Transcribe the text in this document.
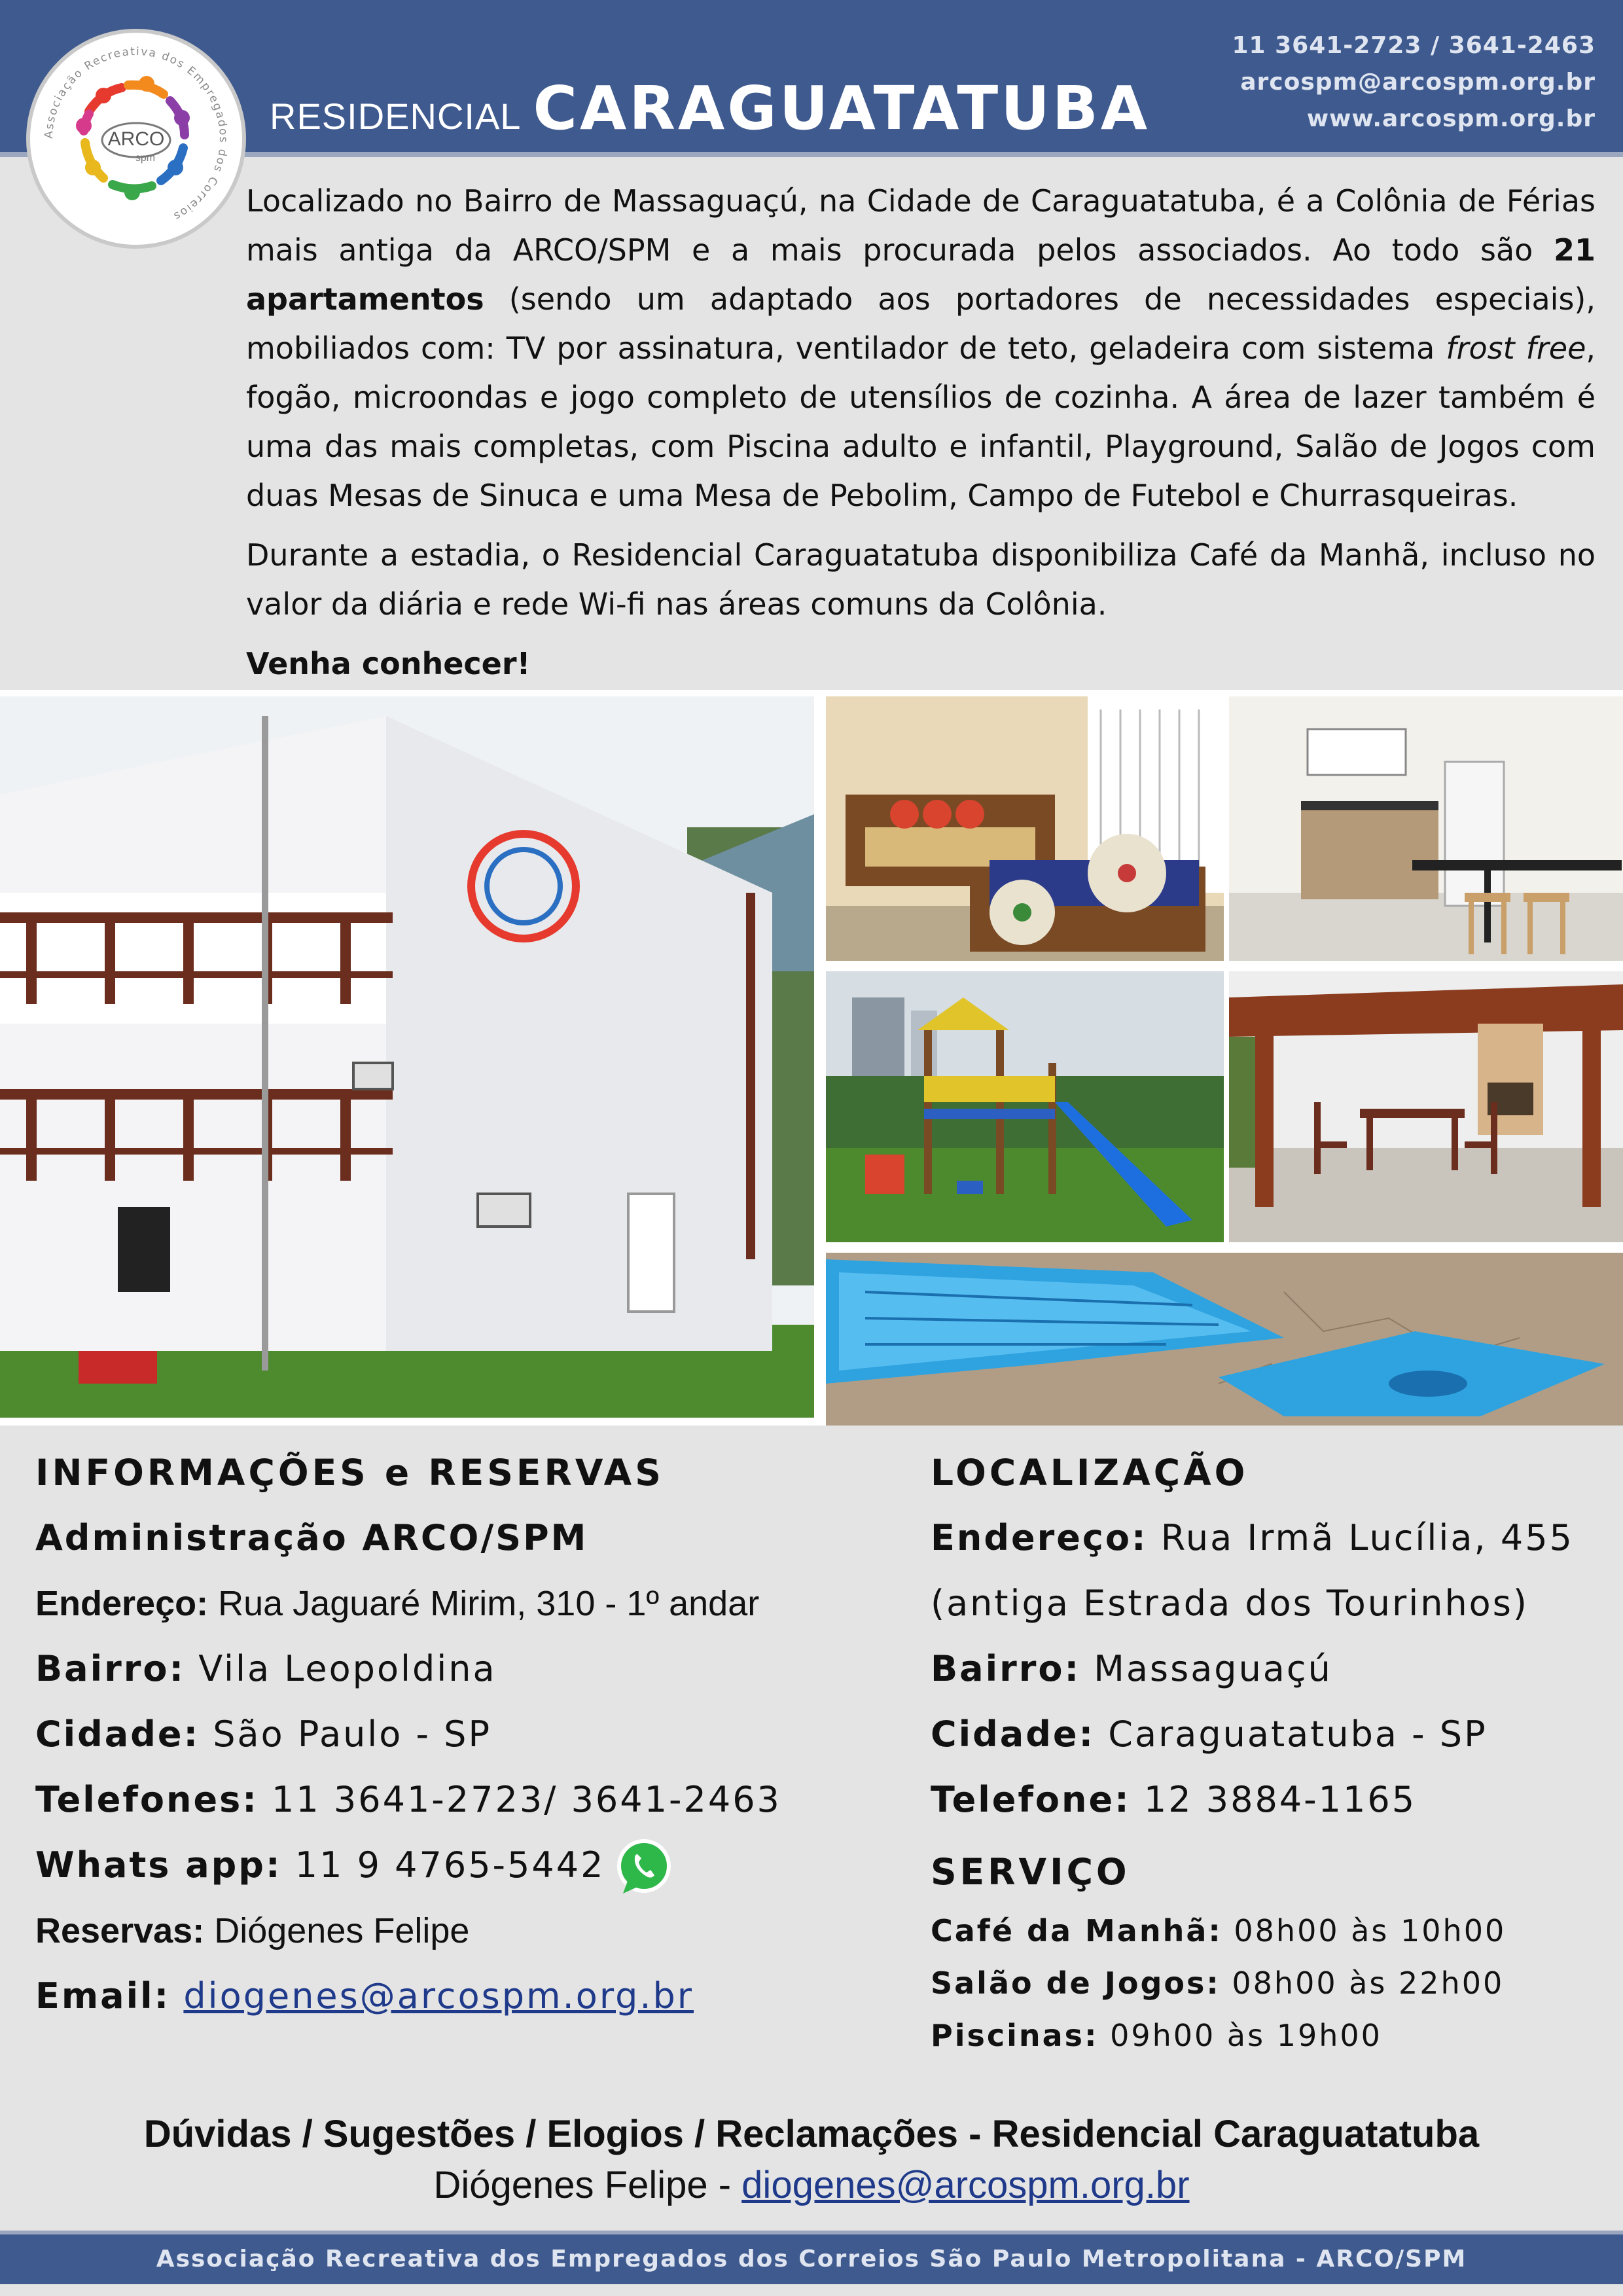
RESIDENCIAL CARAGUATATUBA
11 3641-2723 / 3641-2463
arcospm@arcospm.org.br
www.arcospm.org.br
Associação Recreativa dos Empregados dos Correios
ARCO
spm

Localizado no Bairro de Massaguaçú, na Cidade de Caraguatatuba, é a Colônia de Férias mais antiga da ARCO/SPM e a mais procurada pelos associados. Ao todo são 21 apartamentos (sendo um adaptado aos portadores de necessidades especiais), mobiliados com: TV por assinatura, ventilador de teto, geladeira com sistema frost free, fogão, microondas e jogo completo de utensílios de cozinha. A área de lazer também é uma das mais completas, com Piscina adulto e infantil, Playground, Salão de Jogos com duas Mesas de Sinuca e uma Mesa de Pebolim, Campo de Futebol e Churrasqueiras.

Durante a estadia, o Residencial Caraguatatuba disponibiliza Café da Manhã, incluso no valor da diária e rede Wi-fi nas áreas comuns da Colônia.

Venha conhecer!

INFORMAÇÕES e RESERVAS
Administração ARCO/SPM
Endereço: Rua Jaguaré Mirim, 310 - 1º andar
Bairro: Vila Leopoldina
Cidade: São Paulo - SP
Telefones: 11 3641-2723/ 3641-2463
Whats app: 11 9 4765-5442
Reservas: Diógenes Felipe
Email: diogenes@arcospm.org.br
LOCALIZAÇÃO
Endereço: Rua Irmã Lucília, 455
(antiga Estrada dos Tourinhos)
Bairro: Massaguaçú
Cidade: Caraguatatuba - SP
Telefone: 12 3884-1165
SERVIÇO
Café da Manhã: 08h00 às 10h00
Salão de Jogos: 08h00 às 22h00
Piscinas: 09h00 às 19h00
Dúvidas / Sugestões / Elogios / Reclamações - Residencial Caraguatatuba
Diógenes Felipe - diogenes@arcospm.org.br
Associação Recreativa dos Empregados dos Correios São Paulo Metropolitana - ARCO/SPM
